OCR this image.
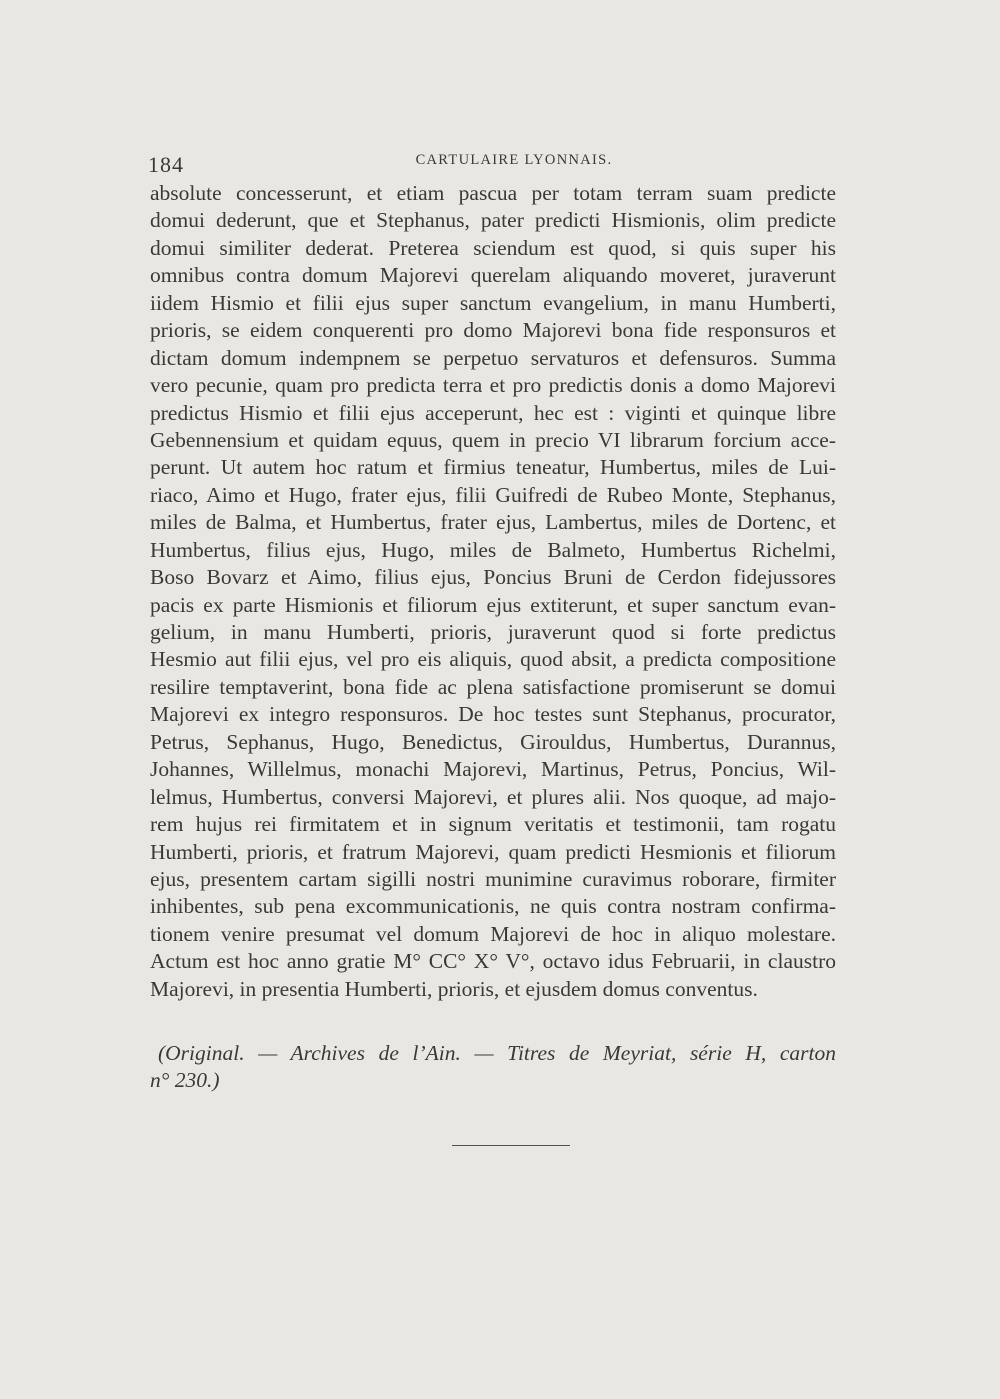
184	CARTULAIRE LYONNAIS.
absolute concesserunt, et etiam pascua per totam terram suam predicte
domui dederunt, que et Stephanus, pater predicti Hismionis, olim predicte
domui similiter dederat. Preterea sciendum est quod, si quis super his
omnibus contra domum Majorevi querelam aliquando moveret, juraverunt
iidem Hismio et filii ejus super sanctum evangelium, in manu Humberti,
prioris, se eidem conquerenti pro domo Majorevi bona fide responsuros et
dictam domum indempnem se perpetuo servaturos et defensuros. Summa
vero pecunie, quam pro predicta terra et pro predictis donis a domo Majorevi
predictus Hismio et filii ejus acceperunt, hec est : viginti et quinque libre
Gebennensium et quidam equus, quem in precio VI librarum forcium acce-
perunt. Ut autem hoc ratum et firmius teneatur, Humbertus, miles de Lui-
riaco, Aimo et Hugo, frater ejus, filii Guifredi de Rubeo Monte, Stephanus,
miles de Balma, et Humbertus, frater ejus, Lambertus, miles de Dortenc, et
Humbertus, filius ejus, Hugo, miles de Balmeto, Humbertus Richelmi,
Boso Bovarz et Aimo, filius ejus, Poncius Bruni de Cerdon fidejussores
pacis ex parte Hismionis et filiorum ejus extiterunt, et super sanctum evan-
gelium, in manu Humberti, prioris, juraverunt quod si forte predictus
Hesmio aut filii ejus, vel pro eis aliquis, quod absit, a predicta compositione
resilire temptaverint, bona fide ac plena satisfactione promiserunt se domui
Majorevi ex integro responsuros. De hoc testes sunt Stephanus, procurator,
Petrus, Sephanus, Hugo, Benedictus, Girouldus, Humbertus, Durannus,
Johannes, Willelmus, monachi Majorevi, Martinus, Petrus, Poncius, Wil-
lelmus, Humbertus, conversi Majorevi, et plures alii. Nos quoque, ad majo-
rem hujus rei firmitatem et in signum veritatis et testimonii, tam rogatu
Humberti, prioris, et fratrum Majorevi, quam predicti Hesmionis et filiorum
ejus, presentem cartam sigilli nostri munimine curavimus roborare, firmiter
inhibentes, sub pena excommunicationis, ne quis contra nostram confirma-
tionem venire presumat vel domum Majorevi de hoc in aliquo molestare.
Actum est hoc anno gratie M° CC° X° V°, octavo idus Februarii, in claustro
Majorevi, in presentia Humberti, prioris, et ejusdem domus conventus.
(Original. — Archives de l’Ain. — Titres de Meyriat, série H, carton
n° 230.)
